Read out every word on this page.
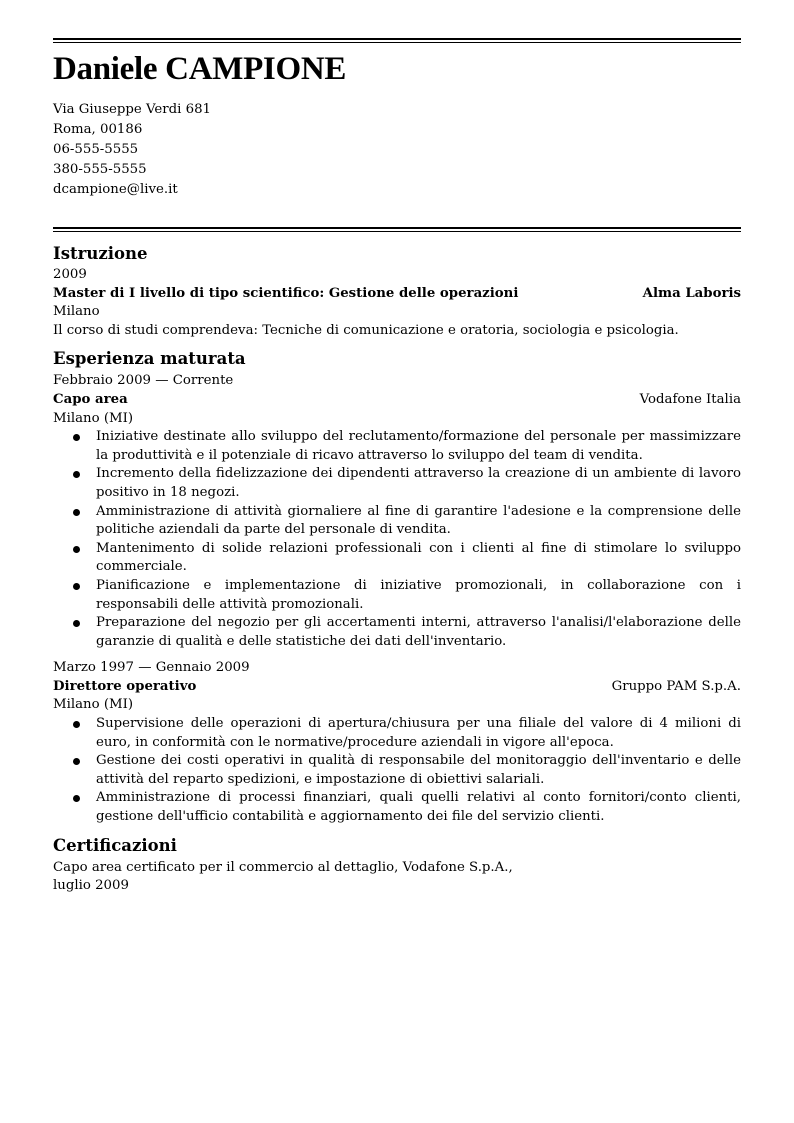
Daniele CAMPIONE
Via Giuseppe Verdi 681
Roma, 00186
06-555-5555
380-555-5555
dcampione@live.it
Istruzione
2009
Master di I livello di tipo scientifico: Gestione delle operazioni	Alma Laboris
Milano
Il corso di studi comprendeva: Tecniche di comunicazione e oratoria, sociologia e psicologia.
Esperienza maturata
Febbraio 2009 — Corrente
Capo area	Vodafone Italia
Milano (MI)
Iniziative destinate allo sviluppo del reclutamento/formazione del personale per massimizzare la produttività e il potenziale di ricavo attraverso lo sviluppo del team di vendita.
Incremento della fidelizzazione dei dipendenti attraverso la creazione di un ambiente di lavoro positivo in 18 negozi.
Amministrazione di attività giornaliere al fine di garantire l'adesione e la comprensione delle politiche aziendali da parte del personale di vendita.
Mantenimento di solide relazioni professionali con i clienti al fine di stimolare lo sviluppo commerciale.
Pianificazione e implementazione di iniziative promozionali, in collaborazione con i responsabili delle attività promozionali.
Preparazione del negozio per gli accertamenti interni, attraverso l'analisi/l'elaborazione delle garanzie di qualità e delle statistiche dei dati dell'inventario.
Marzo 1997 — Gennaio 2009
Direttore operativo	Gruppo PAM S.p.A.
Milano (MI)
Supervisione delle operazioni di apertura/chiusura per una filiale del valore di 4 milioni di euro, in conformità con le normative/procedure aziendali in vigore all'epoca.
Gestione dei costi operativi in qualità di responsabile del monitoraggio dell'inventario e delle attività del reparto spedizioni, e impostazione di obiettivi salariali.
Amministrazione di processi finanziari, quali quelli relativi al conto fornitori/conto clienti, gestione dell'ufficio contabilità e aggiornamento dei file del servizio clienti.
Certificazioni
Capo area certificato per il commercio al dettaglio, Vodafone S.p.A.,
luglio 2009
